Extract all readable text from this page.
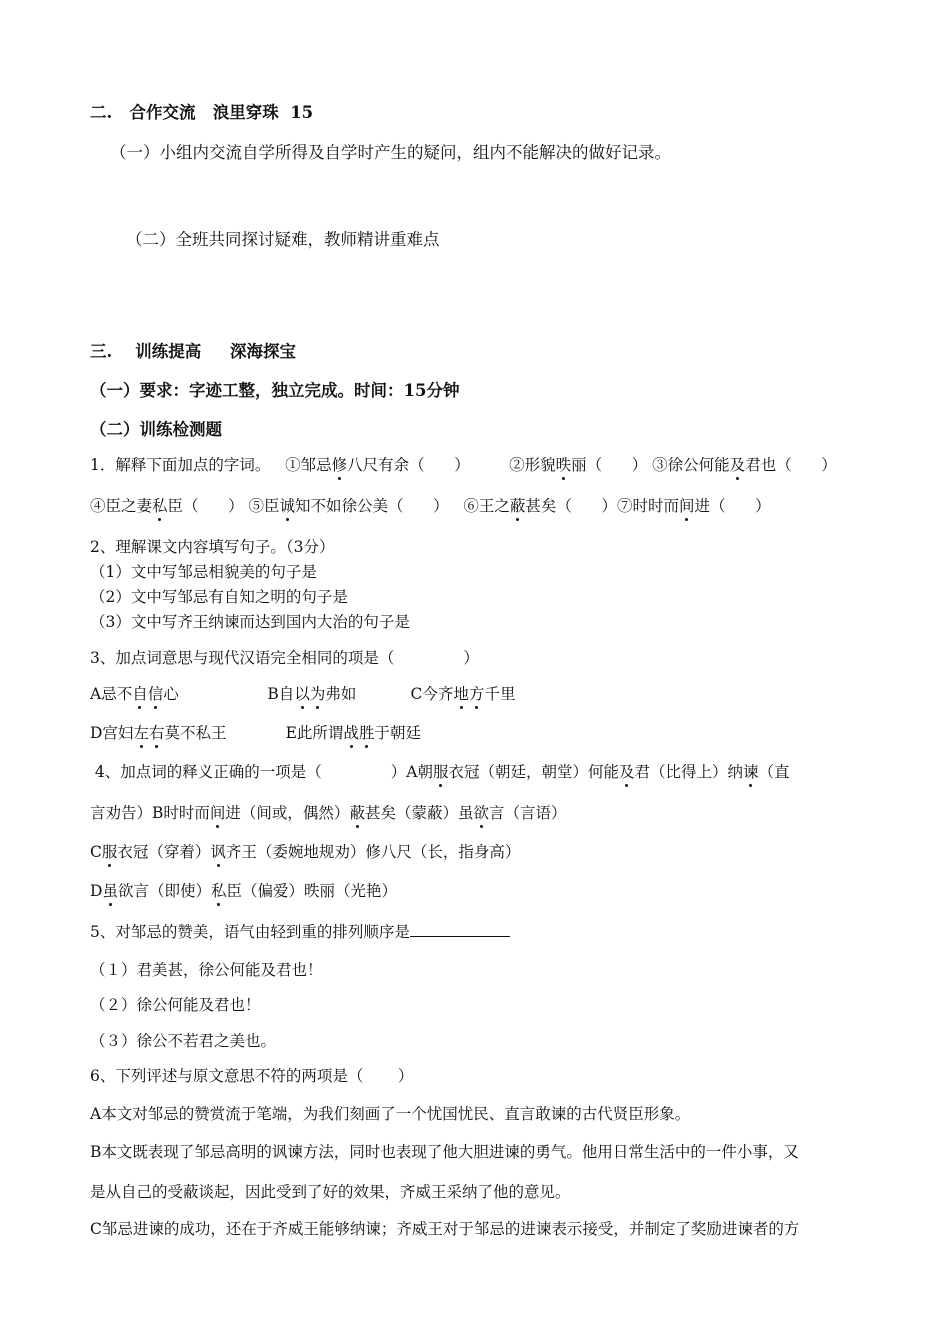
二.   合作交流   浪里穿珠  15
（一）小组内交流自学所得及自学时产生的疑问，组内不能解决的做好记录。
（二）全班共同探讨疑难，教师精讲重难点
三.    训练提高     深海探宝
（一）要求：字迹工整，独立完成。时间：15分钟
（二）训练检测题
1．解释下面加点的字词。   ①邹忌修八尺有余（      ）        ②形貌昳丽（      ） ③徐公何能及君也（      ）
④臣之妻私臣（      ） ⑤臣诚知不如徐公美（      ）   ⑥王之蔽甚矣（      ）⑦时时而间进（      ）
2、理解课文内容填写句子。（3分）
（1）文中写邹忌相貌美的句子是
（2）文中写邹忌有自知之明的句子是
（3）文中写齐王纳谏而达到国内大治的句子是
3、加点词意思与现代汉语完全相同的项是（              ）
A忌不自信心                  B自以为弗如           C今齐地方千里
D宫妇左右莫不私王            E此所谓战胜于朝廷
4、加点词的释义正确的一项是（              ）A朝服衣冠（朝廷，朝堂）何能及君（比得上）纳谏（直
言劝告）B时时而间进（间或，偶然）蔽甚矣（蒙蔽）虽欲言（言语）
C服衣冠（穿着）讽齐王（委婉地规劝）修八尺（长，指身高）
D虽欲言（即使）私臣（偏爱）昳丽（光艳）
5、对邹忌的赞美，语气由轻到重的排列顺序是
（１）君美甚，徐公何能及君也！
（２）徐公何能及君也！
（３）徐公不若君之美也。
6、下列评述与原文意思不符的两项是（       ）
A本文对邹忌的赞赏流于笔端，为我们刻画了一个忧国忧民、直言敢谏的古代贤臣形象。
B本文既表现了邹忌高明的讽谏方法，同时也表现了他大胆进谏的勇气。他用日常生活中的一件小事，又
是从自己的受蔽谈起，因此受到了好的效果，齐威王采纳了他的意见。
C邹忌进谏的成功，还在于齐威王能够纳谏；齐威王对于邹忌的进谏表示接受，并制定了奖励进谏者的方
